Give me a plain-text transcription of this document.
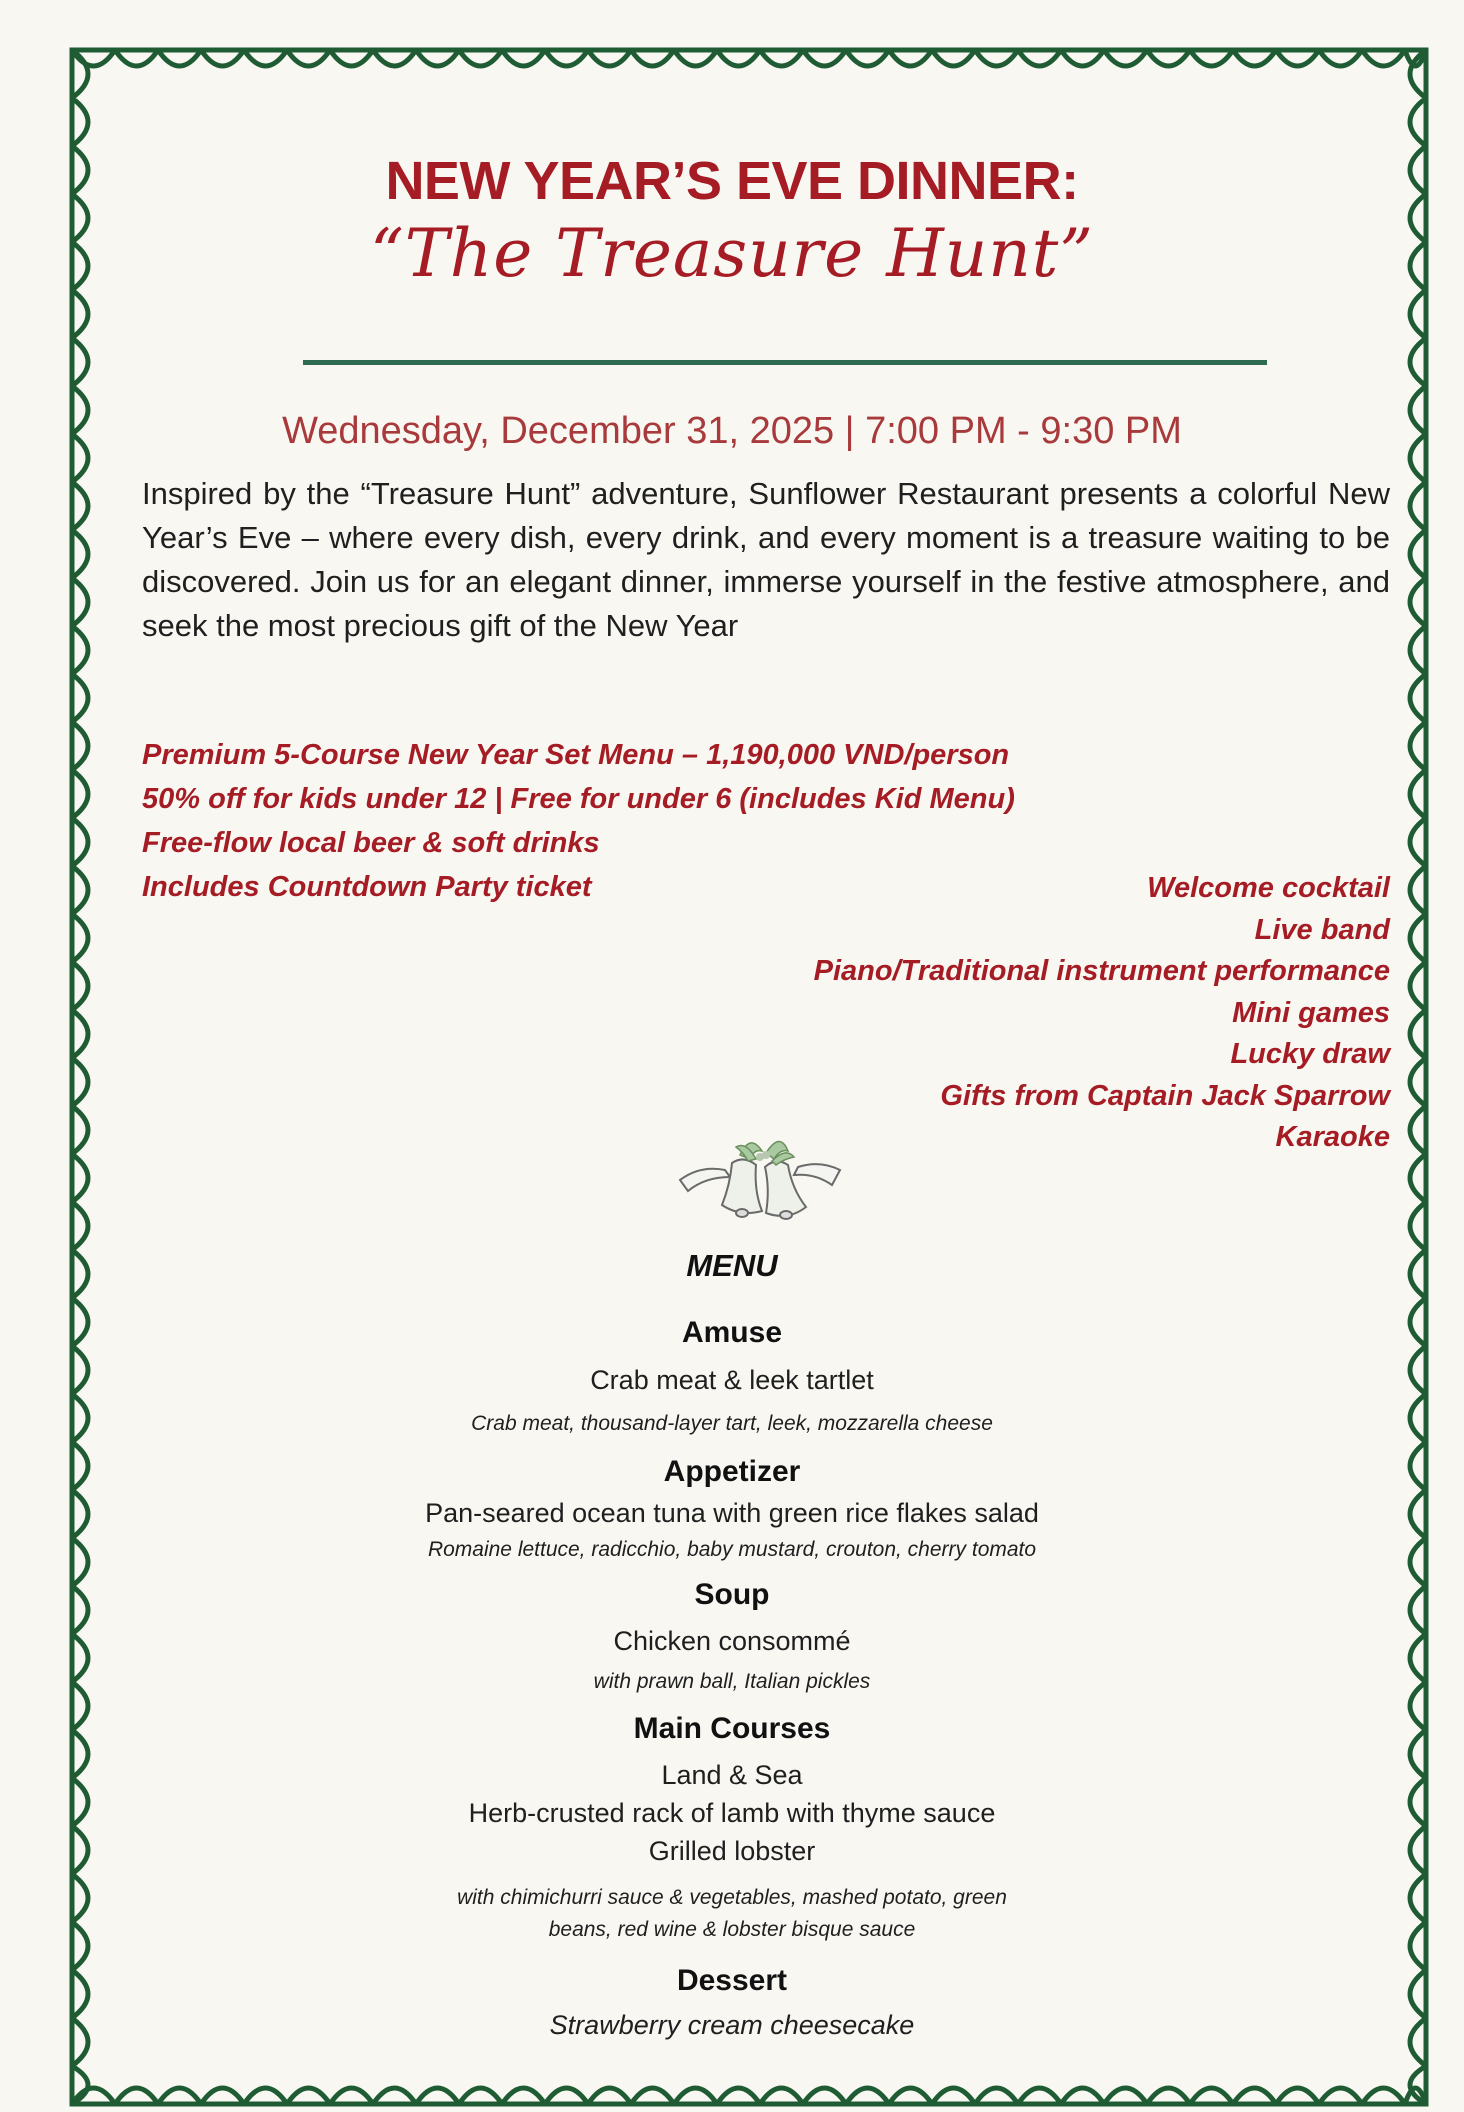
NEW YEAR’S EVE DINNER:
“The Treasure Hunt”
Wednesday, December 31, 2025 | 7:00 PM - 9:30 PM
Inspired by the “Treasure Hunt” adventure, Sunflower Restaurant presents a colorful New Year’s Eve – where every dish, every drink, and every moment is a treasure waiting to be discovered. Join us for an elegant dinner, immerse yourself in the festive atmosphere, and seek the most precious gift of the New Year
Premium 5-Course New Year Set Menu – 1,190,000 VND/person
50% off for kids under 12 | Free for under 6 (includes Kid Menu)
Free-flow local beer & soft drinks
Includes Countdown Party ticket	Welcome cocktail
Live band
Piano/Traditional instrument performance
Mini games
Lucky draw
Gifts from Captain Jack Sparrow
Karaoke
MENU
Amuse
Crab meat & leek tartlet
Crab meat, thousand-layer tart, leek, mozzarella cheese
Appetizer
Pan-seared ocean tuna with green rice flakes salad
Romaine lettuce, radicchio, baby mustard, crouton, cherry tomato
Soup
Chicken consommé
with prawn ball, Italian pickles
Main Courses
Land & Sea
Herb-crusted rack of lamb with thyme sauce
Grilled lobster
with chimichurri sauce & vegetables, mashed potato, green
beans, red wine & lobster bisque sauce
Dessert
Strawberry cream cheesecake
